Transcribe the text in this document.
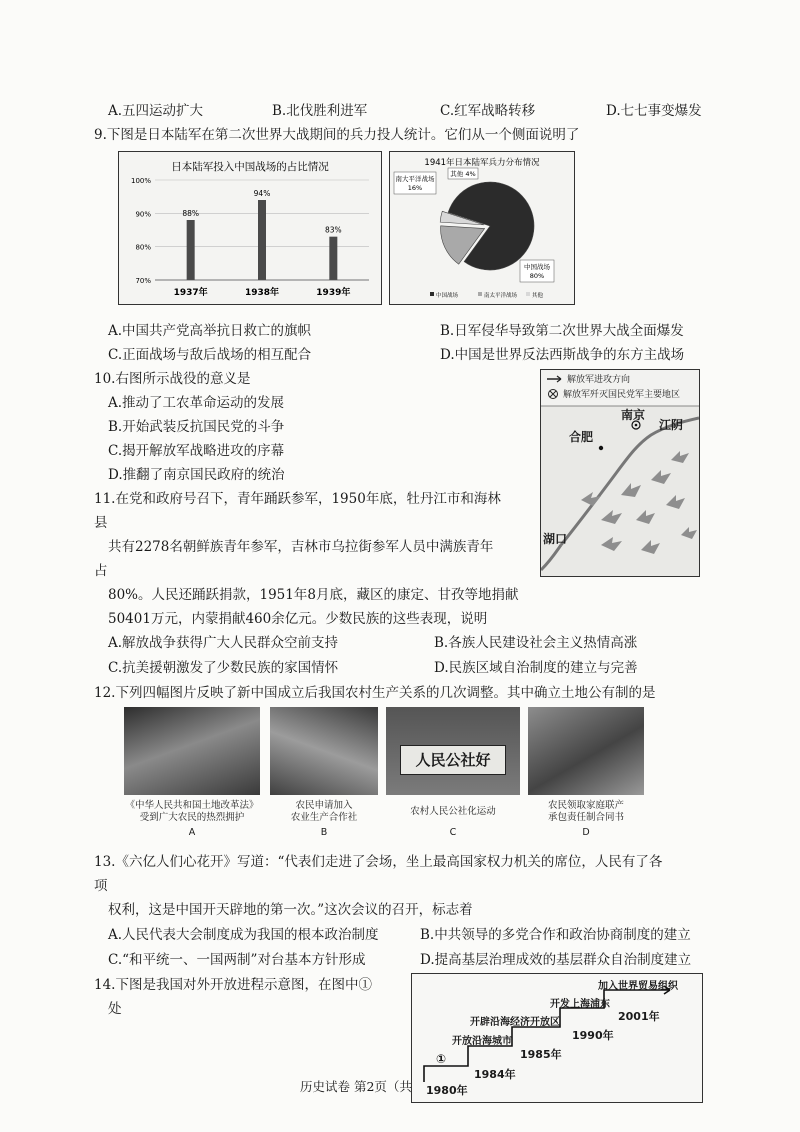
A.五四运动扩大	B.北伐胜利进军	C.红军战略转移	D.七七事变爆发
9.下图是日本陆军在第二次世界大战期间的兵力投人统计。它们从一个侧面说明了
日本陆军投入中国战场的占比情况
70%
80%
90%
100%
88%
1937年
94%
1938年
83%
1939年
1941年日本陆军兵力分布情况
中国战场
80%
南大平洋战场
16%
其他 4%
中国战场	南太平洋战场	其他
A.中国共产党高举抗日救亡的旗帜	B.日军侵华导致第二次世界大战全面爆发
C.正面战场与敌后战场的相互配合	D.中国是世界反法西斯战争的东方主战场
10.右图所示战役的意义是
A.推动了工农革命运动的发展
B.开始武装反抗国民党的斗争
C.揭开解放军战略进攻的序幕
D.推翻了南京国民政府的统治
解放军进攻方向
解放军歼灭国民党军主要地区
南京
合肥
江阴
湖口
11.在党和政府号召下，青年踊跃参军，1950年底，牡丹江市和海林
县
共有2278名朝鲜族青年参军，吉林市乌拉街参军人员中满族青年
占
80%。人民还踊跃捐款，1951年8月底，藏区的康定、甘孜等地捐献
50401万元，内蒙捐献460余亿元。少数民族的这些表现，说明
A.解放战争获得广大人民群众空前支持	B.各族人民建设社会主义热情高涨
C.抗美援朝激发了少数民族的家国情怀	D.民族区域自治制度的建立与完善
12.下列四幅图片反映了新中国成立后我国农村生产关系的几次调整。其中确立土地公有制的是
人民公社好
《中华人民共和国土地改革法》
受到广大农民的热烈拥护
A
农民申请加入
农业生产合作社
B
农村人民公社化运动
C
农民领取家庭联产
承包责任制合同书
D
13.《六亿人们心花开》写道：“代表们走进了会场，坐上最高国家权力机关的席位，人民有了各
项
权利，这是中国开天辟地的第一次。”这次会议的召开，标志着
A.人民代表大会制度成为我国的根本政治制度	B.中共领导的多党合作和政治协商制度的建立
C.“和平统一、一国两制”对台基本方针形成	D.提高基层治理成效的基层群众自治制度建立
14.下图是我国对外开放进程示意图，在图中①
处
1980年
①
1984年
开放沿海城市
1985年
开辟沿海经济开放区
1990年
开发上海浦东
2001年
加入世界贸易组织
历史试卷 第2页（共
